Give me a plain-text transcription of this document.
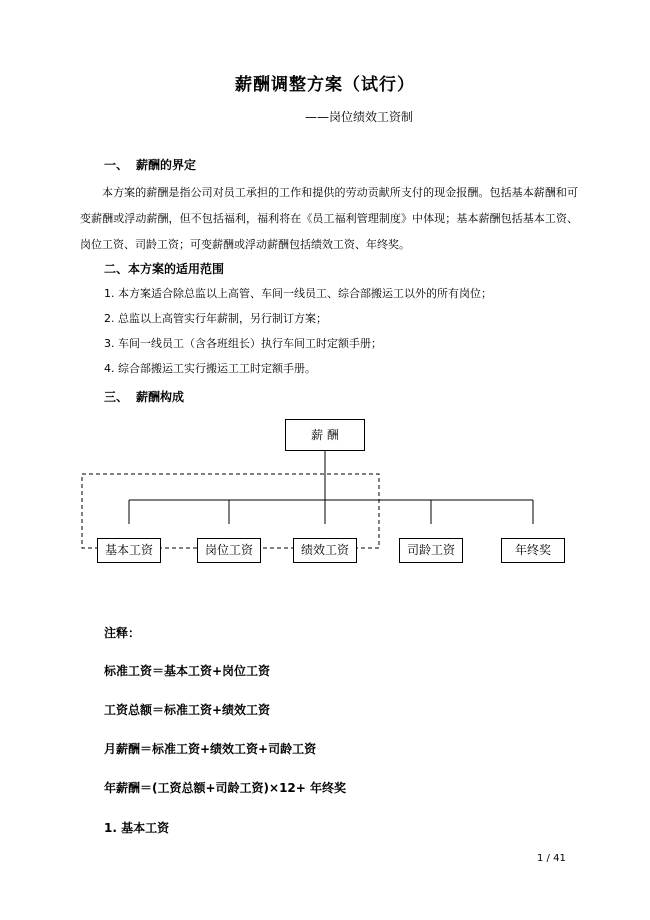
薪酬调整方案（试行）
——岗位绩效工资制
一、 薪酬的界定
本方案的薪酬是指公司对员工承担的工作和提供的劳动贡献所支付的现金报酬。包括基本薪酬和可变薪酬或浮动薪酬，但不包括福利，福利将在《员工福利管理制度》中体现；基本薪酬包括基本工资、岗位工资、司龄工资；可变薪酬或浮动薪酬包括绩效工资、年终奖。
二、本方案的适用范围
1. 本方案适合除总监以上高管、车间一线员工、综合部搬运工以外的所有岗位；
2. 总监以上高管实行年薪制，另行制订方案；
3. 车间一线员工（含各班组长）执行车间工时定额手册；
4. 综合部搬运工实行搬运工工时定额手册。
三、 薪酬构成
薪 酬
基本工资	岗位工资	绩效工资	司龄工资	年终奖
注释：
标准工资＝基本工资+岗位工资
工资总额＝标准工资+绩效工资
月薪酬＝标准工资+绩效工资+司龄工资
年薪酬＝(工资总额+司龄工资)×12+ 年终奖
1. 基本工资
1 / 41
